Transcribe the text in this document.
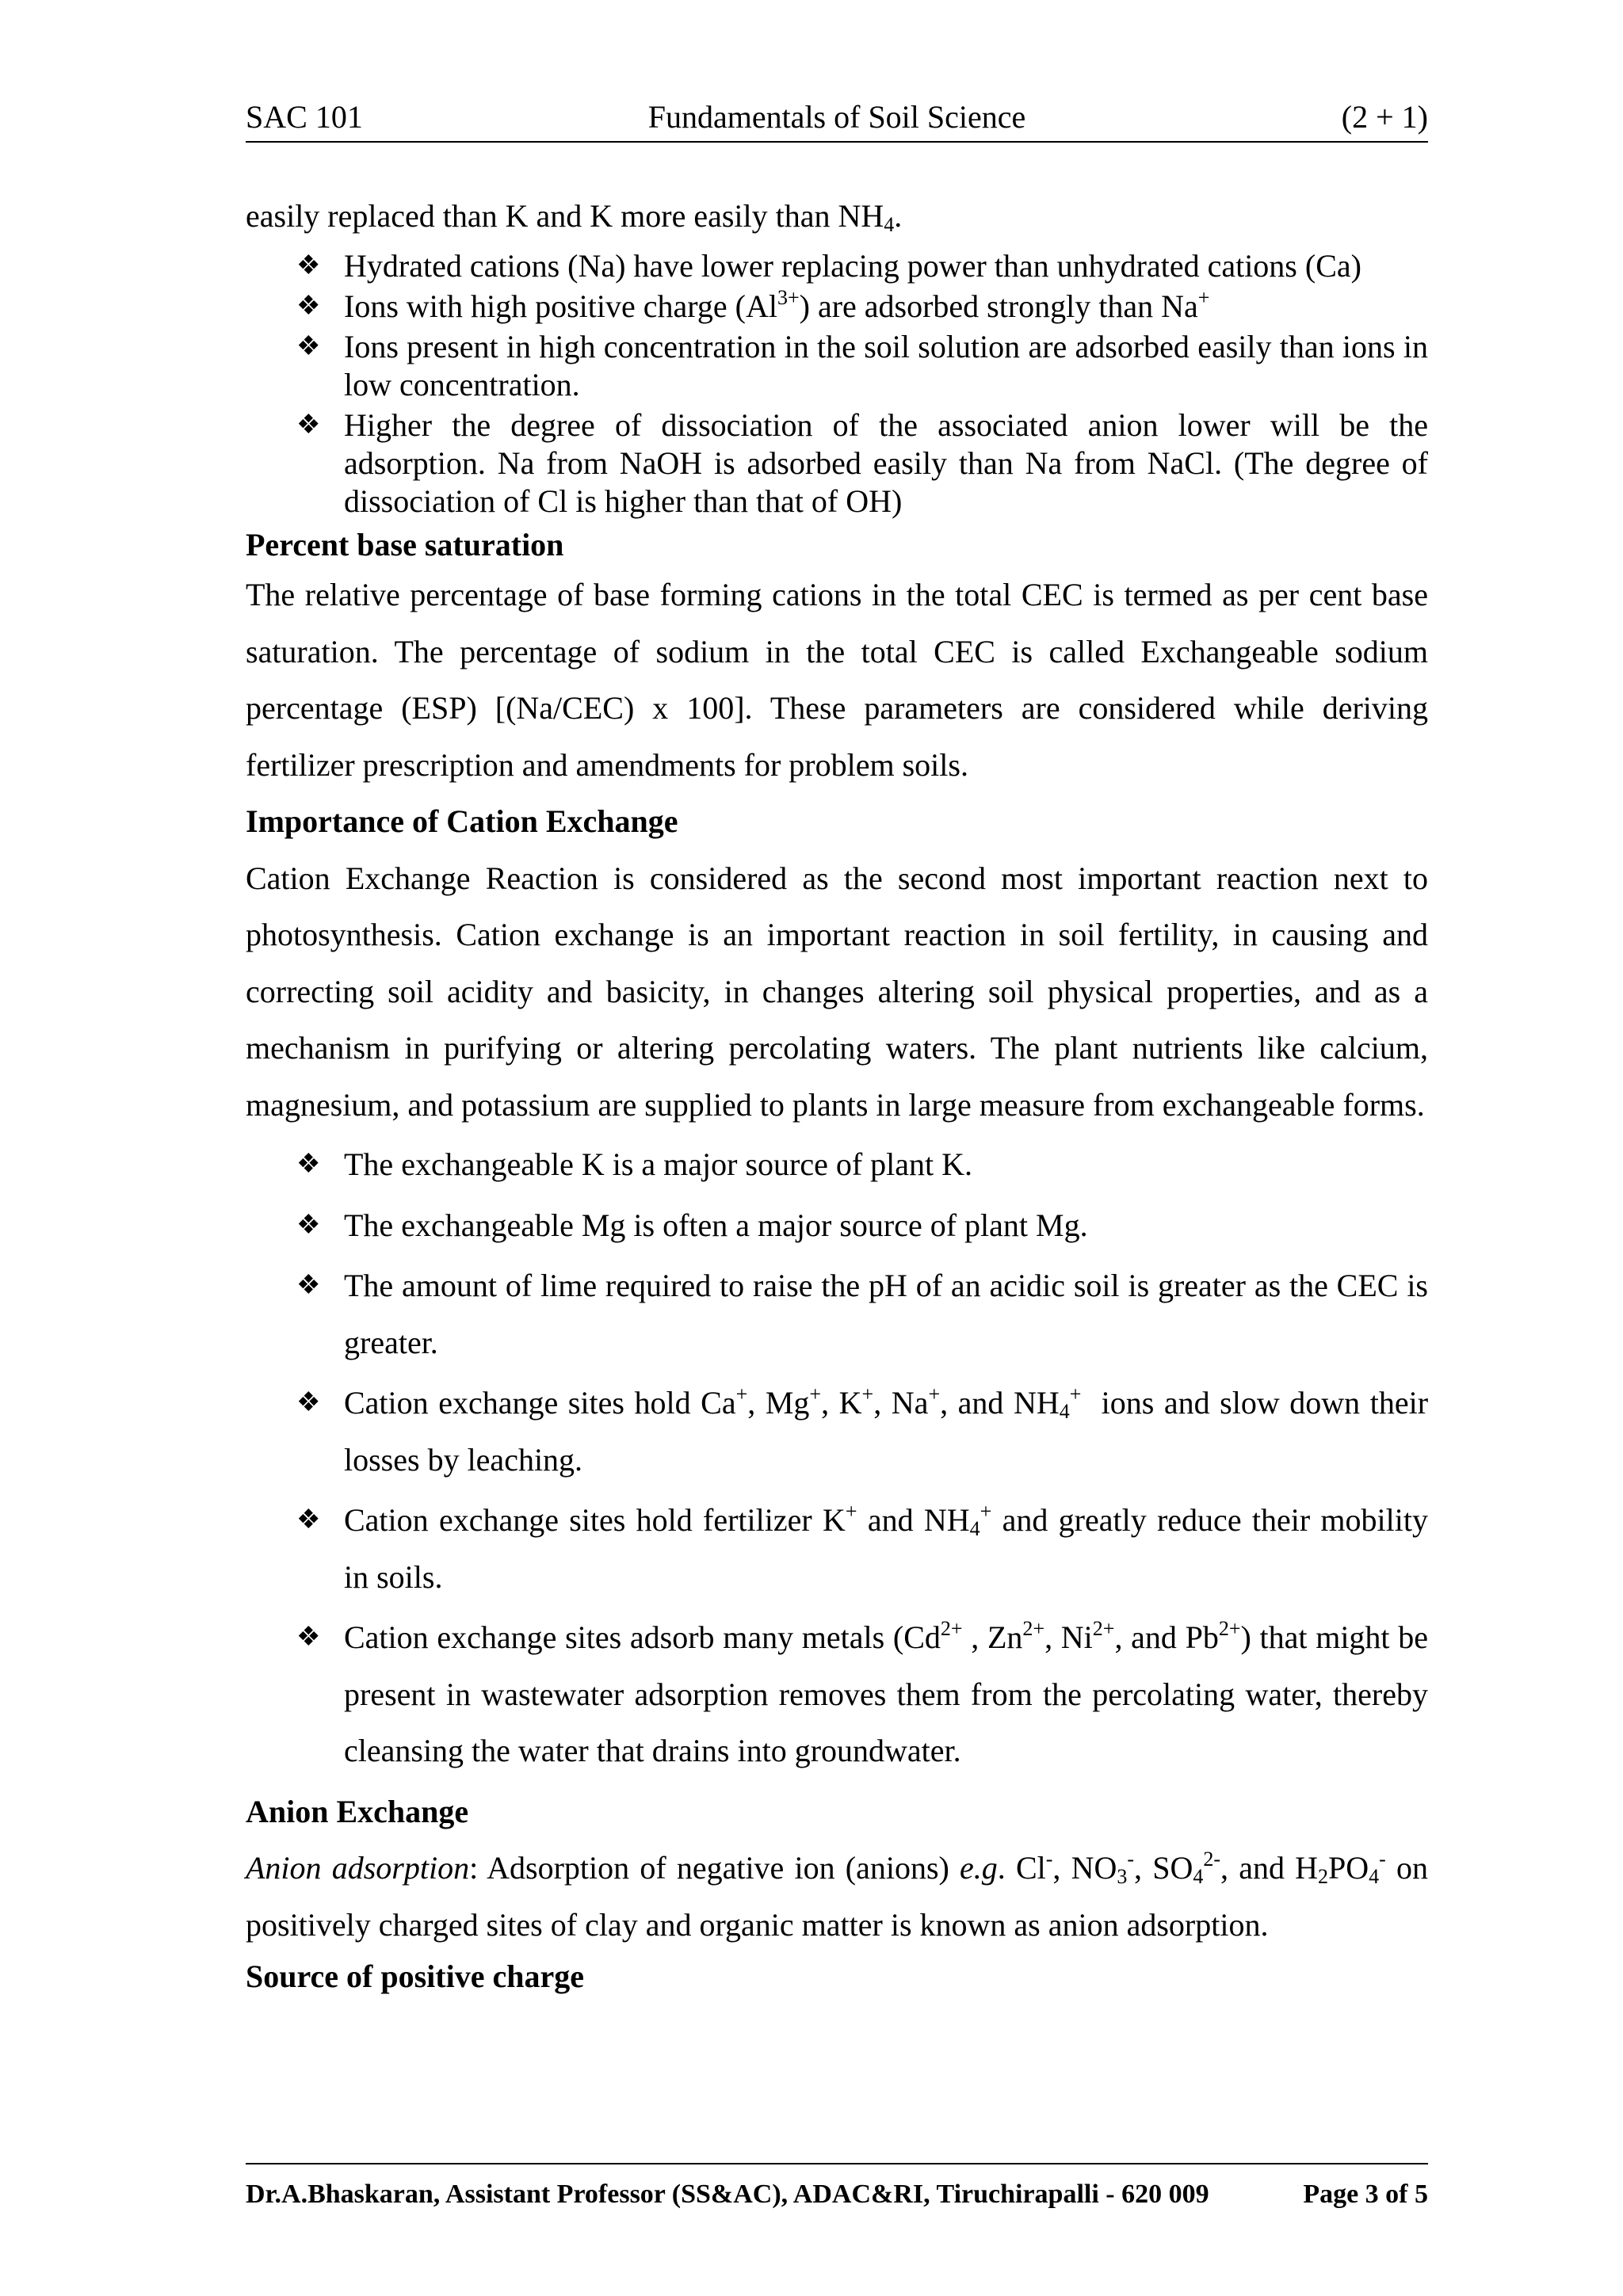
SAC 101	Fundamentals of Soil Science	(2 + 1)

easily replaced than K and K more easily than $NH_4$.

❖ Hydrated cations (Na) have lower replacing power than unhydrated cations (Ca)
❖ Ions with high positive charge $(Al^{3+})$ are adsorbed strongly than Na+
❖ Ions present in high concentration in the soil solution are adsorbed easily than ions in low concentration.
❖ Higher the degree of dissociation of the associated anion lower will be the adsorption. Na from NaOH is adsorbed easily than Na from NaCl. (The degree of dissociation of Cl is higher than that of OH)

Percent base saturation

The relative percentage of base forming cations in the total CEC is termed as per cent base saturation. The percentage of sodium in the total CEC is called Exchangeable sodium percentage (ESP) [(Na/CEC) x 100]. These parameters are considered while deriving fertilizer prescription and amendments for problem soils.

Importance of Cation Exchange

Cation Exchange Reaction is considered as the second most important reaction next to photosynthesis. Cation exchange is an important reaction in soil fertility, in causing and correcting soil acidity and basicity, in changes altering soil physical properties, and as a mechanism in purifying or altering percolating waters. The plant nutrients like calcium, magnesium, and potassium are supplied to plants in large measure from exchangeable forms.

❖ The exchangeable K is a major source of plant K.
❖ The exchangeable Mg is often a major source of plant Mg.
❖ The amount of lime required to raise the pH of an acidic soil is greater as the CEC is greater.
❖ Cation exchange sites hold Ca+, Mg+, K+, Na+, and $NH_4^+$  ions and slow down their losses by leaching.
❖ Cation exchange sites hold fertilizer K+ and $NH_4^+$ and greatly reduce their mobility in soils.
❖ Cation exchange sites adsorb many metals ($Cd^{2+}$ , $Zn^{2+}$, $Ni^{2+}$, and $Pb^{2+}$) that might be present in wastewater adsorption removes them from the percolating water, thereby cleansing the water that drains into groundwater.

Anion Exchange

Anion adsorption: Adsorption of negative ion (anions) e.g. Cl-, $NO_3^-$, $SO_4^{2-}$, and $H_2PO_4^-$ on positively charged sites of clay and organic matter is known as anion adsorption.

Source of positive charge

Dr.A.Bhaskaran, Assistant Professor (SS&AC), ADAC&RI, Tiruchirapalli - 620 009	Page 3 of 5
